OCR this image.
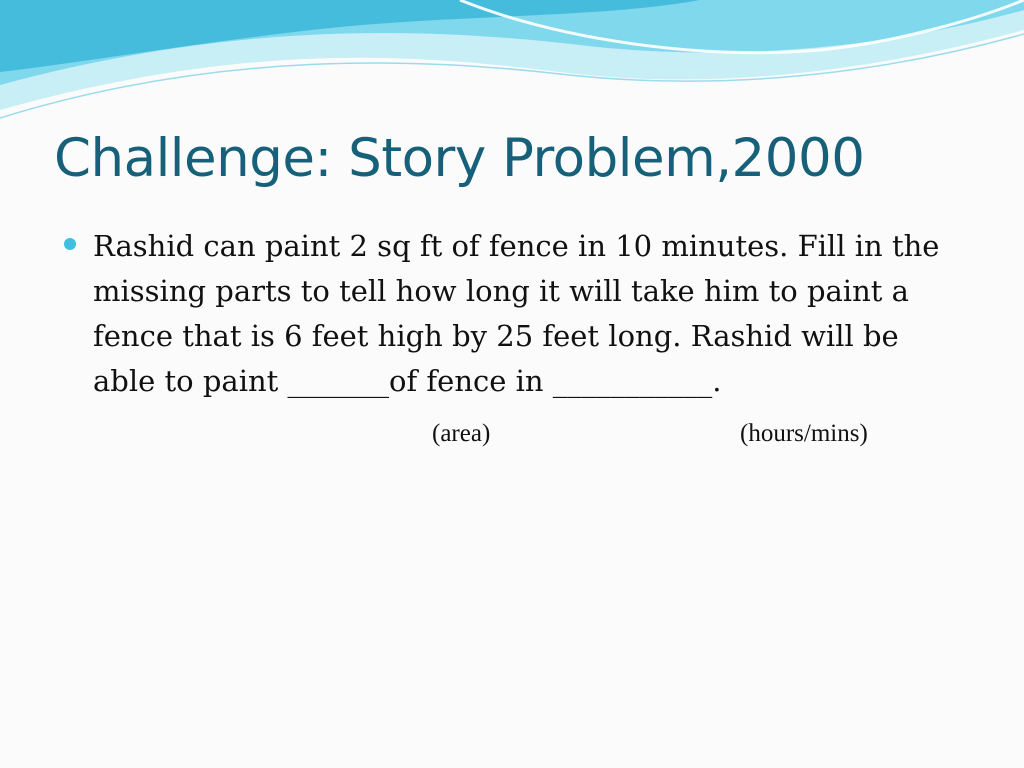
Challenge: Story Problem,2000

Rashid can paint 2 sq ft of fence in 10 minutes. Fill in the missing parts to tell how long it will take him to paint a fence that is 6 feet high by 25 feet long. Rashid will be able to paint _______of fence in ___________.

(area)	(hours/mins)
